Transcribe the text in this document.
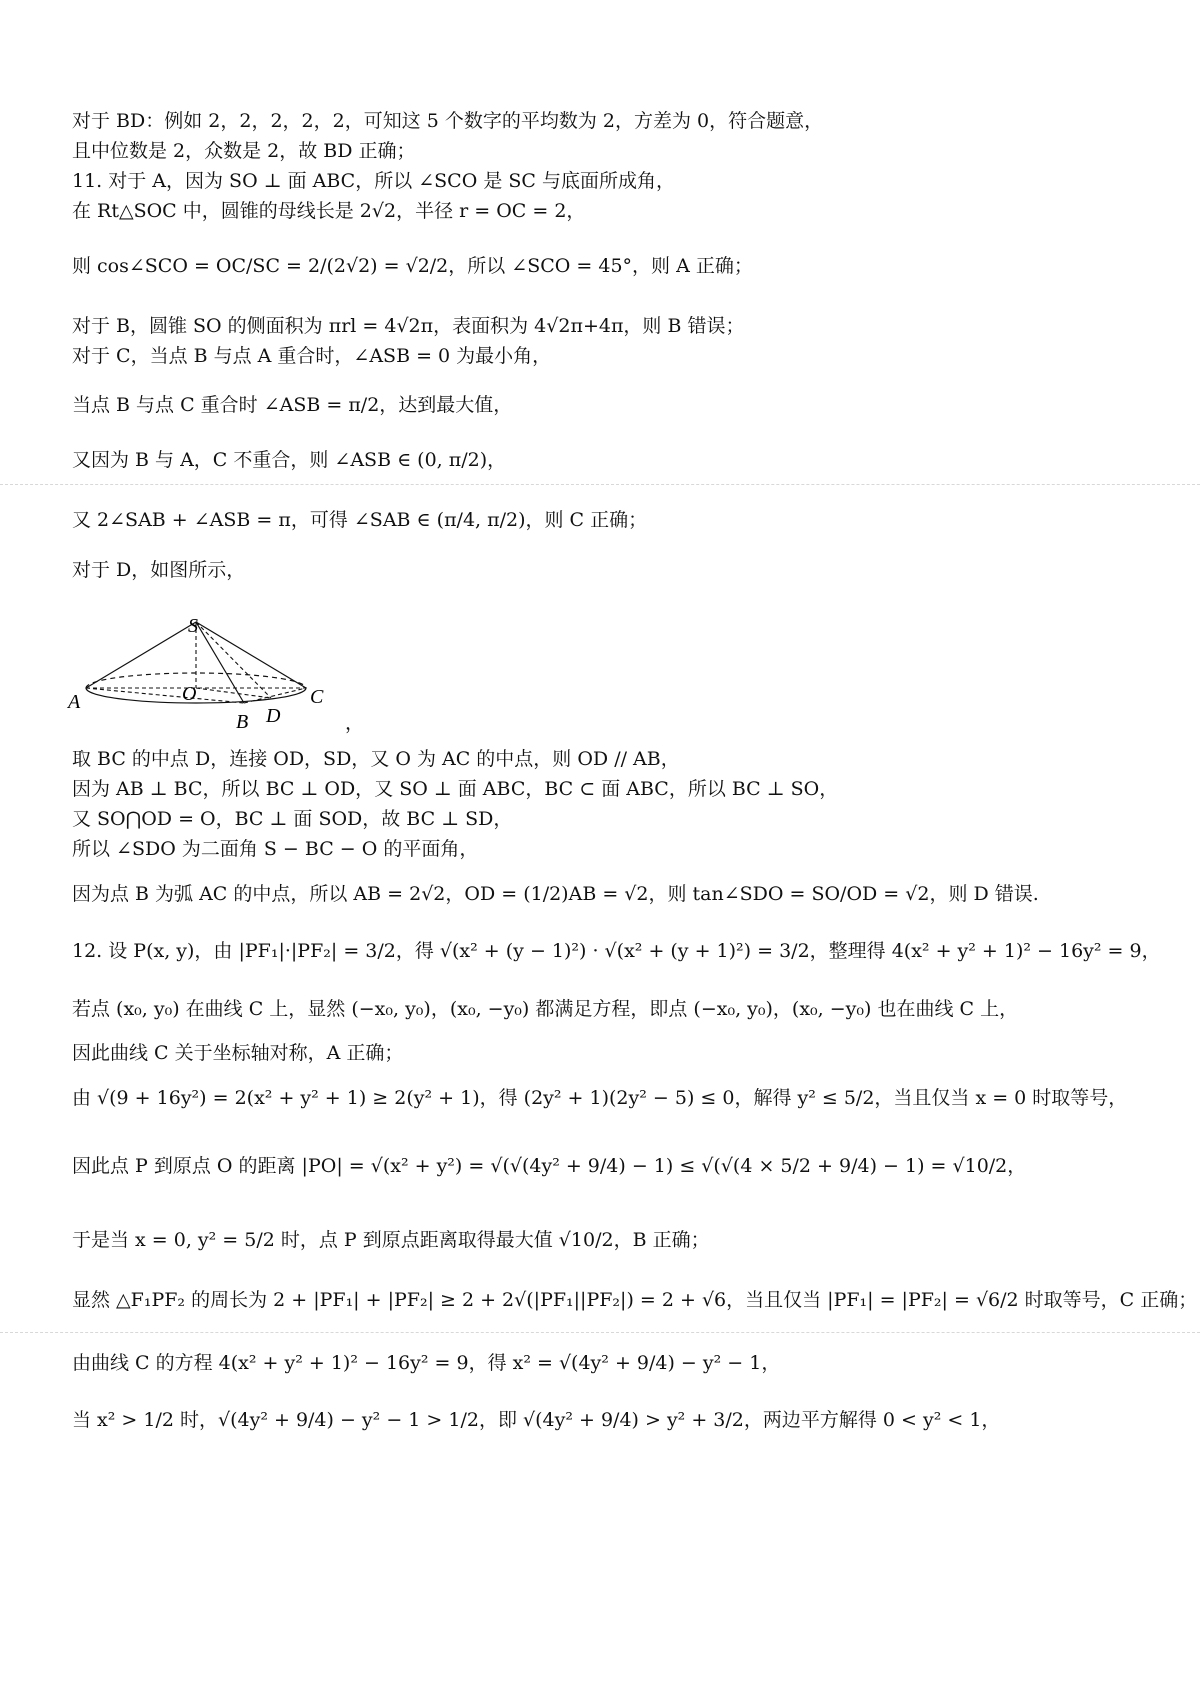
对于 BD：例如 2，2，2，2，2，可知这 5 个数字的平均数为 2，方差为 0，符合题意，
且中位数是 2，众数是 2，故 BD 正确；
11. 对于 A，因为 SO ⊥ 面 ABC，所以 ∠SCO 是 SC 与底面所成角，
在 Rt△SOC 中，圆锥的母线长是 2√2，半径 r = OC = 2，
则 cos∠SCO = OC/SC = 2/(2√2) = √2/2，所以 ∠SCO = 45°，则 A 正确；
对于 B，圆锥 SO 的侧面积为 πrl = 4√2π，表面积为 4√2π+4π，则 B 错误；
对于 C，当点 B 与点 A 重合时，∠ASB = 0 为最小角，
当点 B 与点 C 重合时 ∠ASB = π/2，达到最大值，
又因为 B 与 A，C 不重合，则 ∠ASB ∈ (0, π/2)，
又 2∠SAB + ∠ASB = π，可得 ∠SAB ∈ (π/4, π/2)，则 C 正确；
对于 D，如图所示，
S
O
A
B
C
D	，
取 BC 的中点 D，连接 OD，SD，又 O 为 AC 的中点，则 OD // AB，
因为 AB ⊥ BC，所以 BC ⊥ OD，又 SO ⊥ 面 ABC，BC ⊂ 面 ABC，所以 BC ⊥ SO，
又 SO⋂OD = O，BC ⊥ 面 SOD，故 BC ⊥ SD，
所以 ∠SDO 为二面角 S − BC − O 的平面角，
因为点 B 为弧 AC 的中点，所以 AB = 2√2，OD = (1/2)AB = √2，则 tan∠SDO = SO/OD = √2，则 D 错误.
12. 设 P(x, y)，由 |PF₁|·|PF₂| = 3/2，得 √(x² + (y − 1)²) · √(x² + (y + 1)²) = 3/2，整理得 4(x² + y² + 1)² − 16y² = 9，
若点 (x₀, y₀) 在曲线 C 上，显然 (−x₀, y₀)，(x₀, −y₀) 都满足方程，即点 (−x₀, y₀)，(x₀, −y₀) 也在曲线 C 上，
因此曲线 C 关于坐标轴对称，A 正确；
由 √(9 + 16y²) = 2(x² + y² + 1) ≥ 2(y² + 1)，得 (2y² + 1)(2y² − 5) ≤ 0，解得 y² ≤ 5/2，当且仅当 x = 0 时取等号，
因此点 P 到原点 O 的距离 |PO| = √(x² + y²) = √(√(4y² + 9/4) − 1) ≤ √(√(4 × 5/2 + 9/4) − 1) = √10/2，
于是当 x = 0, y² = 5/2 时，点 P 到原点距离取得最大值 √10/2，B 正确；
显然 △F₁PF₂ 的周长为 2 + |PF₁| + |PF₂| ≥ 2 + 2√(|PF₁||PF₂|) = 2 + √6，当且仅当 |PF₁| = |PF₂| = √6/2 时取等号，C 正确；
由曲线 C 的方程 4(x² + y² + 1)² − 16y² = 9，得 x² = √(4y² + 9/4) − y² − 1，
当 x² > 1/2 时，√(4y² + 9/4) − y² − 1 > 1/2，即 √(4y² + 9/4) > y² + 3/2，两边平方解得 0 < y² < 1，
